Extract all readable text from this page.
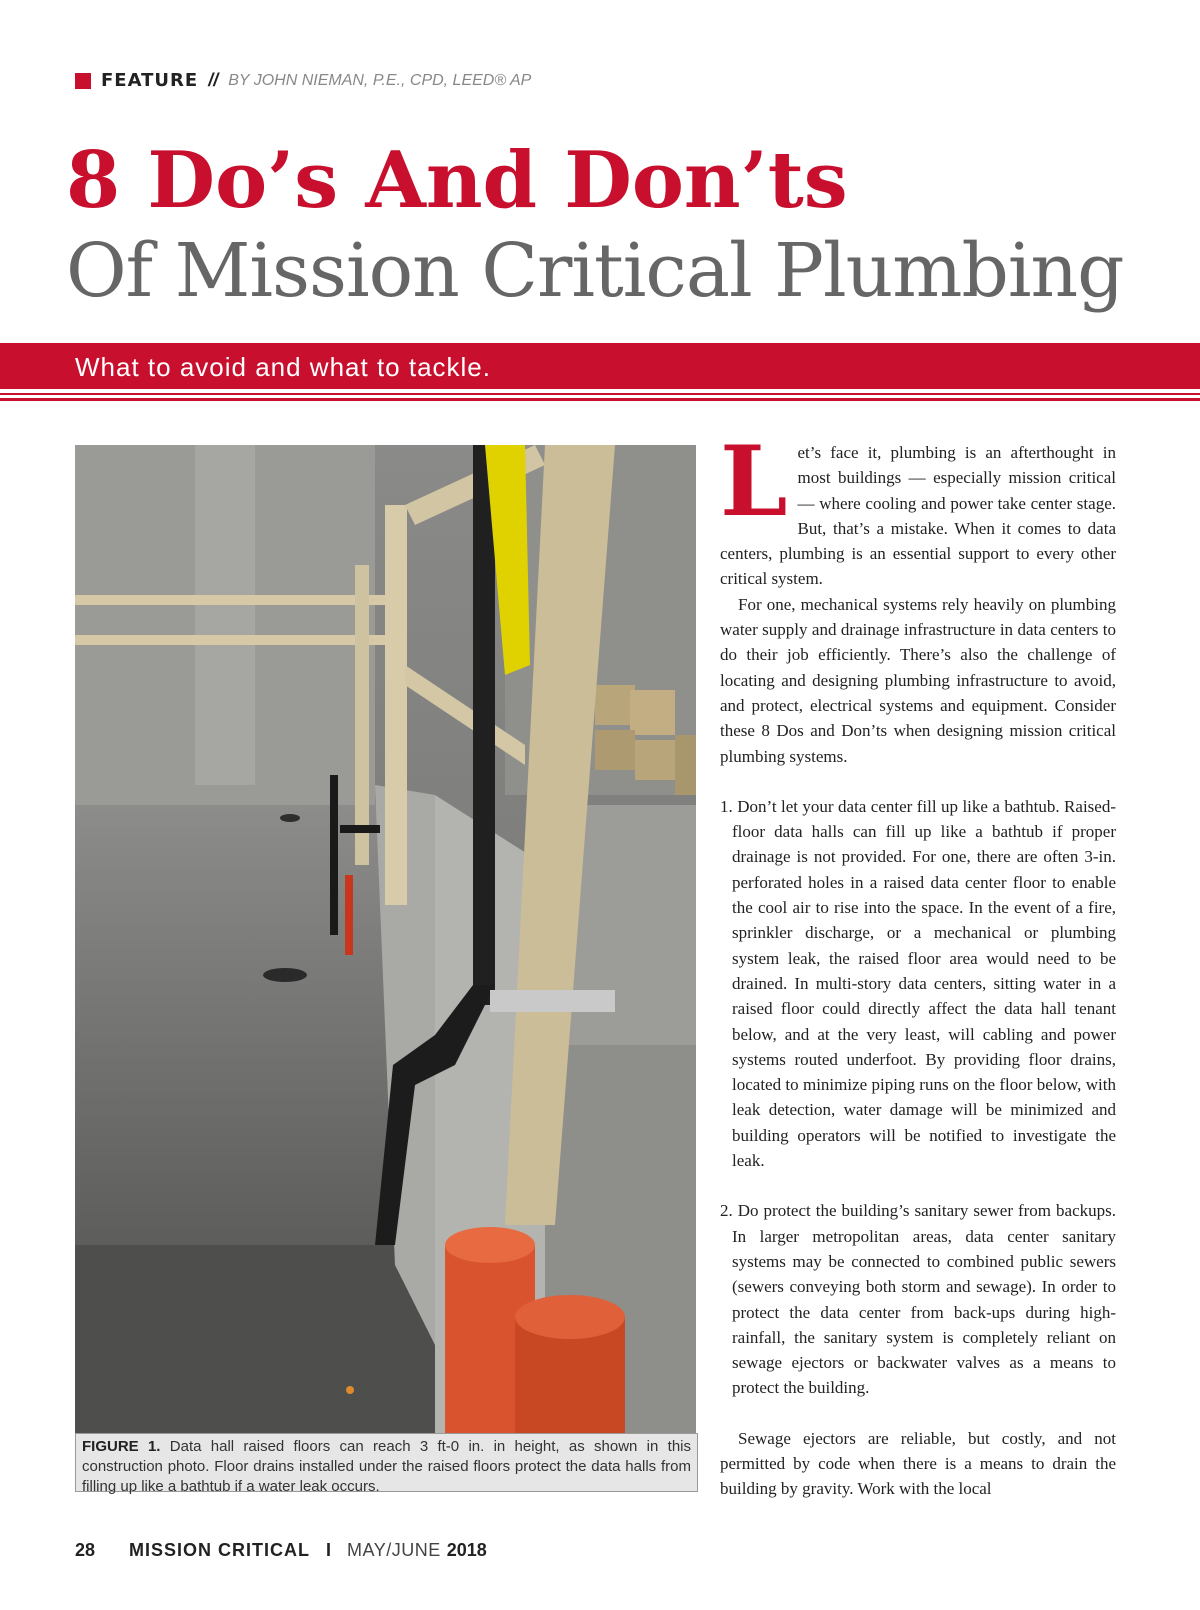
FEATURE // BY JOHN NIEMAN, P.E., CPD, LEED® AP
8 Do’s And Don’ts
Of Mission Critical Plumbing
What to avoid and what to tackle.
FIGURE 1. Data hall raised floors can reach 3 ft-0 in. in height, as shown in this construction photo. Floor drains installed under the raised floors protect the data halls from filling up like a bathtub if a water leak occurs.
L et’s face it, plumbing is an afterthought in most buildings — especially mission critical — where cooling and power take center stage. But, that’s a mistake. When it comes to data centers, plumbing is an essential support to every other critical system.

For one, mechanical systems rely heavily on plumbing water supply and drainage infrastructure in data centers to do their job efficiently. There’s also the challenge of locating and designing plumbing infrastructure to avoid, and protect, electrical systems and equipment. Consider these 8 Dos and Don’ts when designing mission critical plumbing systems.

1. Don’t let your data center fill up like a bathtub. Raised-floor data halls can fill up like a bathtub if proper drainage is not provided. For one, there are often 3-in. perforated holes in a raised data center floor to enable the cool air to rise into the space. In the event of a fire, sprinkler discharge, or a mechanical or plumbing system leak, the raised floor area would need to be drained. In multi-story data centers, sitting water in a raised floor could directly affect the data hall tenant below, and at the very least, will cabling and power systems routed underfoot. By providing floor drains, located to minimize piping runs on the floor below, with leak detection, water damage will be minimized and building operators will be notified to investigate the leak.

2. Do protect the building’s sanitary sewer from backups. In larger metropolitan areas, data center sanitary systems may be connected to combined public sewers (sewers conveying both storm and sewage). In order to protect the data center from back-ups during high-rainfall, the sanitary system is completely reliant on sewage ejectors or backwater valves as a means to protect the building.

Sewage ejectors are reliable, but costly, and not permitted by code when there is a means to drain the building by gravity. Work with the local

28 MISSION CRITICAL I MAY/JUNE 2018
